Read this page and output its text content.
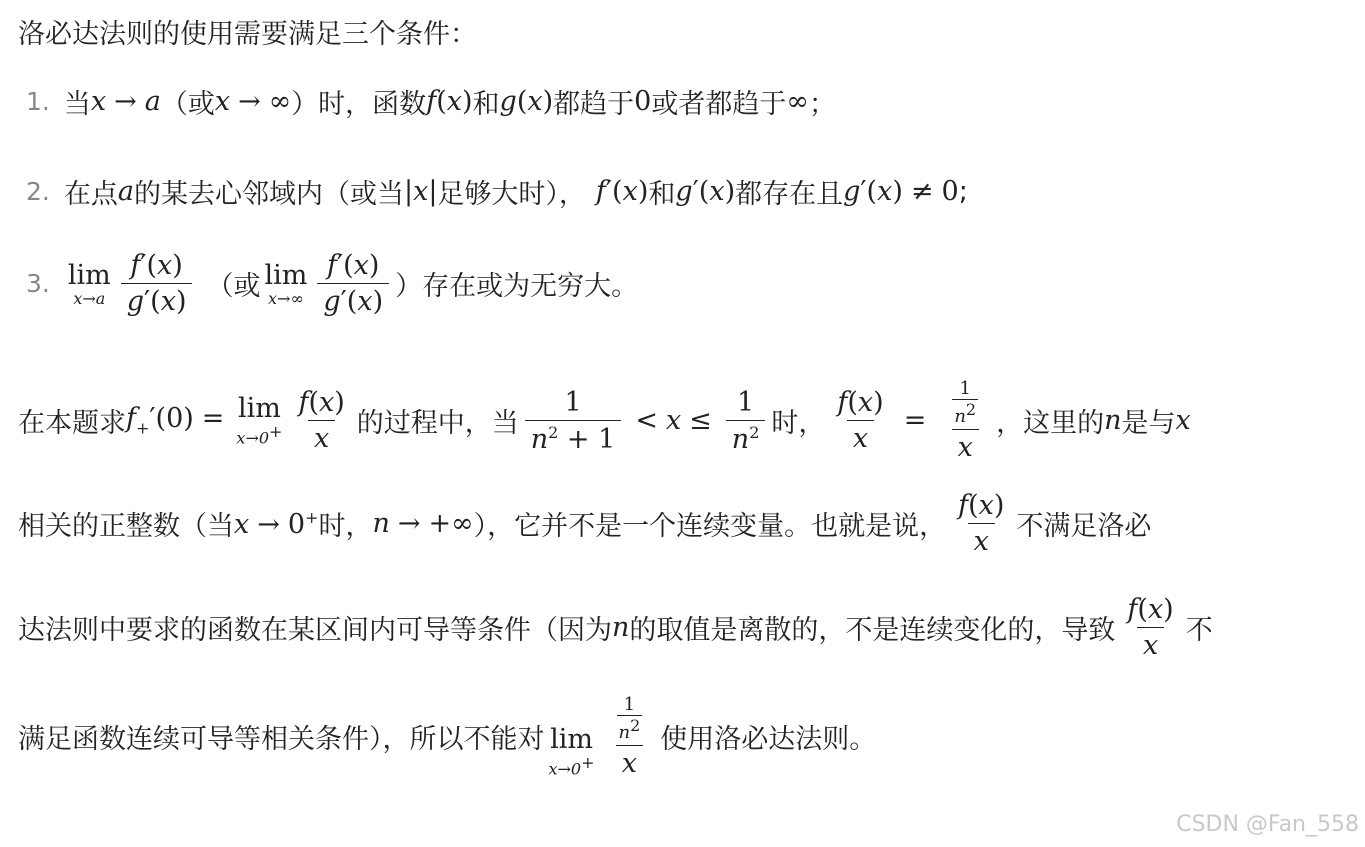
洛必达法则的使用需要满足三个条件：
1. 当 x → a （或 x → ∞ ）时，函数 f(x) 和 g(x) 都趋于 0 或者都趋于 ∞ ；
2. 在点 a 的某去心邻域内（或当 |x| 足够大时）， f′(x) 和 g′(x) 都存在且 g′(x) ≠ 0 ;
3. lim
$x\to a \frac{f'(x)}{g'(x)}$ （或 lim
$x\to\infty \frac{f'(x)}{g'(x)}$ ）存在或为无穷大。
在本题求 $f_+'(0) = \lim$
$x\to 0^+ \frac{f(x)}{x}$ 的过程中，当 $\frac{1}{n^2 + 1} < x \le \frac{1}{n^2}$ 时， $\frac{f(x)}{x} = \frac{\frac{1}{n^2}}{x}$ ，这里的 n 是与 x
相关的正整数（当 x → 0+ 时， n → +∞ ），它并不是一个连续变量。也就是说， $\frac{f(x)}{x}$ 不满足洛必
达法则中要求的函数在某区间内可导等条件（因为 n 的取值是离散的，不是连续变化的，导致 $\frac{f(x)}{x}$ 不
满足函数连续可导等相关条件），所以不能对 lim
$x\to 0^+ \frac{\frac{1}{n^2}}{x}$ 使用洛必达法则。
CSDN @Fan_558
